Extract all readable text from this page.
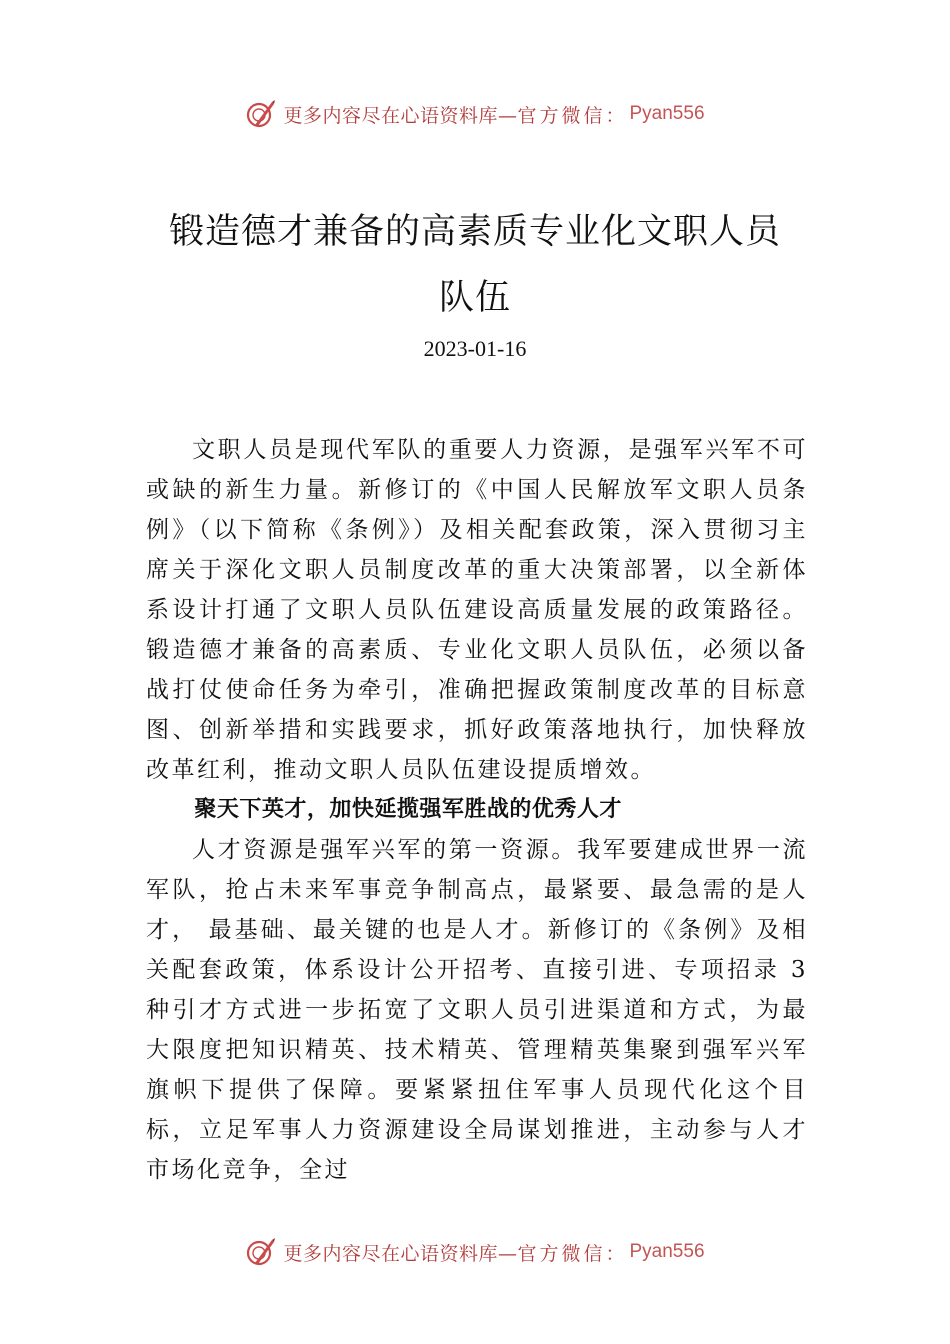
更多内容尽在心语资料库— 官方微信： Pyan556
锻造德才兼备的高素质专业化文职人员
队伍
2023-01-16

文职人员是现代军队的重要人力资源，是强军兴军不可或缺的新生力量。新修订的《中国人民解放军文职人员条例》（以下简称《条例》）及相关配套政策，深入贯彻习主席关于深化文职人员制度改革的重大决策部署，以全新体系设计打通了文职人员队伍建设高质量发展的政策路径。锻造德才兼备的高素质、专业化文职人员队伍，必须以备战打仗使命任务为牵引，准确把握政策制度改革的目标意图、创新举措和实践要求，抓好政策落地执行，加快释放改革红利，推动文职人员队伍建设提质增效。

聚天下英才，加快延揽强军胜战的优秀人才

人才资源是强军兴军的第一资源。我军要建成世界一流军队，抢占未来军事竞争制高点，最紧要、最急需的是人才， 最基础、最关键的也是人才。新修订的《条例》及相关配套政策，体系设计公开招考、直接引进、专项招录 3 种引才方式进一步拓宽了文职人员引进渠道和方式，为最大限度把知识精英、技术精英、管理精英集聚到强军兴军旗帜下提供了保障。要紧紧扭住军事人员现代化这个目标，立足军事人力资源建设全局谋划推进，主动参与人才市场化竞争，全过

更多内容尽在心语资料库— 官方微信： Pyan556
